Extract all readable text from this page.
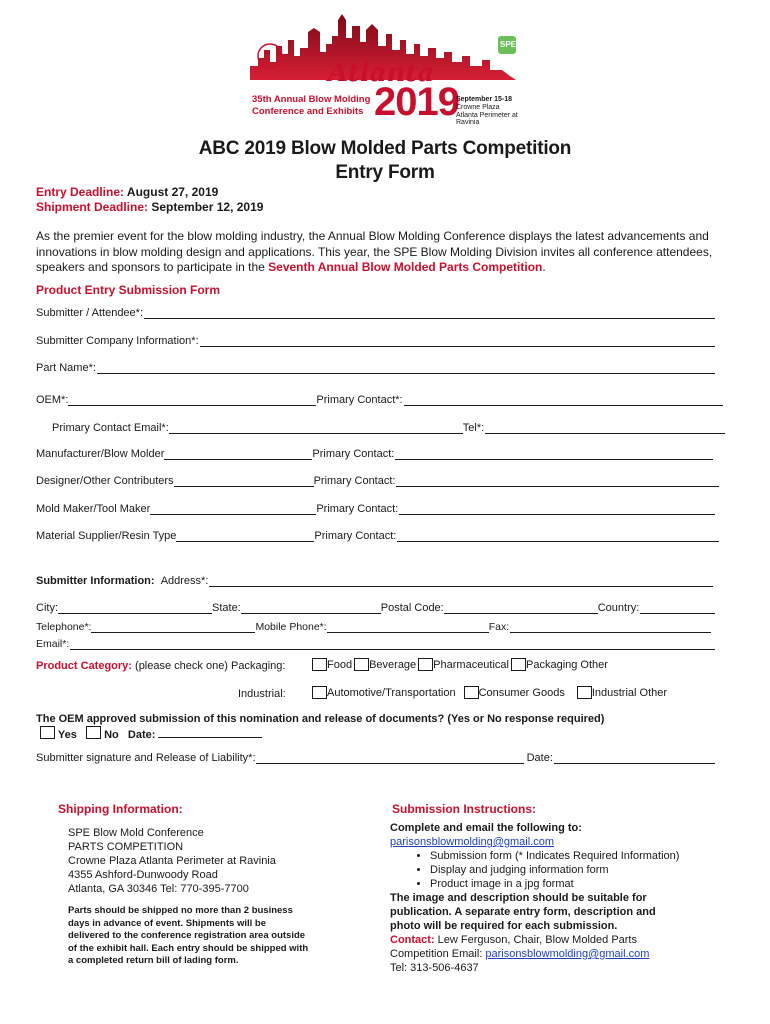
SPE
Atlanta
35th Annual Blow Molding
Conference and Exhibits 2019
September 15-18
Crowne Plaza
Atlanta Perimeter at Ravinia
ABC 2019 Blow Molded Parts Competition
Entry Form
Entry Deadline: August 27, 2019
Shipment Deadline: September 12, 2019
As the premier event for the blow molding industry, the Annual Blow Molding Conference displays the latest advancements and innovations in blow molding design and applications. This year, the SPE Blow Molding Division invites all conference attendees, speakers and sponsors to participate in the Seventh Annual Blow Molded Parts Competition.
Product Entry Submission Form
Submitter / Attendee*:
Submitter Company Information*:
Part Name*:
OEM*:	Primary Contact*:
Primary Contact Email*:	Tel*:
Manufacturer/Blow Molder	Primary Contact:
Designer/Other Contributers	Primary Contact:
Mold Maker/Tool Maker	Primary Contact:
Material Supplier/Resin Type	Primary Contact:
Submitter Information:
Address*:
City:	State:	Postal Code:	Country:
Telephone*:	Mobile Phone*:	Fax:
Email*:
Product Category: (please check one) Packaging:	Food Beverage Pharmaceutical Packaging Other
Industrial:	Automotive/Transportation Consumer Goods Industrial Other
The OEM approved submission of this nomination and release of documents? (Yes or No response required)
Yes No Date:
Submitter signature and Release of Liability*:
	Date:
Shipping Information:
SPE Blow Mold Conference
PARTS COMPETITION
Crowne Plaza Atlanta Perimeter at Ravinia
4355 Ashford-Dunwoody Road
Atlanta, GA 30346 Tel: 770-395-7700
Parts should be shipped no more than 2 business days in advance of event. Shipments will be delivered to the conference registration area outside of the exhibit hall. Each entry should be shipped with a completed return bill of lading form.
Submission Instructions:
Complete and email the following to:
parisonsblowmolding@gmail.com
• Submission form (* Indicates Required Information)
• Display and judging information form
• Product image in a jpg format
The image and description should be suitable for publication. A separate entry form, description and photo will be required for each submission.
Contact: Lew Ferguson, Chair, Blow Molded Parts Competition Email: parisonsblowmolding@gmail.com
Tel: 313-506-4637
